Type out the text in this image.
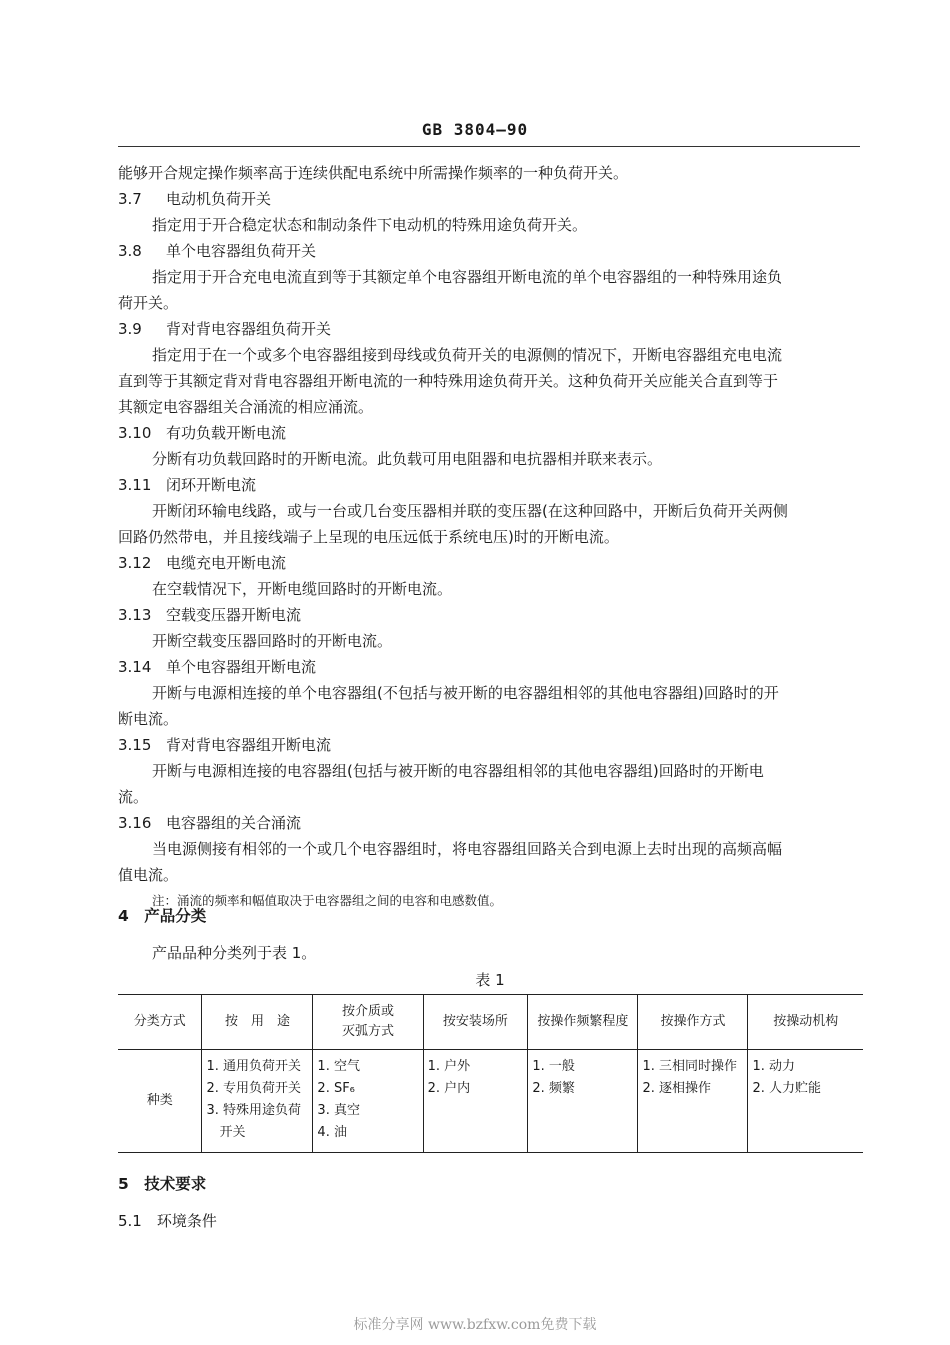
GB 3804—90
能够开合规定操作频率高于连续供配电系统中所需操作频率的一种负荷开关。
3.7 电动机负荷开关
指定用于开合稳定状态和制动条件下电动机的特殊用途负荷开关。
3.8 单个电容器组负荷开关
指定用于开合充电电流直到等于其额定单个电容器组开断电流的单个电容器组的一种特殊用途负
荷开关。
3.9 背对背电容器组负荷开关
指定用于在一个或多个电容器组接到母线或负荷开关的电源侧的情况下，开断电容器组充电电流
直到等于其额定背对背电容器组开断电流的一种特殊用途负荷开关。这种负荷开关应能关合直到等于
其额定电容器组关合涌流的相应涌流。
3.10 有功负载开断电流
分断有功负载回路时的开断电流。此负载可用电阻器和电抗器相并联来表示。
3.11 闭环开断电流
开断闭环输电线路，或与一台或几台变压器相并联的变压器(在这种回路中，开断后负荷开关两侧
回路仍然带电，并且接线端子上呈现的电压远低于系统电压)时的开断电流。
3.12 电缆充电开断电流
在空载情况下，开断电缆回路时的开断电流。
3.13 空载变压器开断电流
开断空载变压器回路时的开断电流。
3.14 单个电容器组开断电流
开断与电源相连接的单个电容器组(不包括与被开断的电容器组相邻的其他电容器组)回路时的开
断电流。
3.15 背对背电容器组开断电流
开断与电源相连接的电容器组(包括与被开断的电容器组相邻的其他电容器组)回路时的开断电
流。
3.16 电容器组的关合涌流
当电源侧接有相邻的一个或几个电容器组时，将电容器组回路关合到电源上去时出现的高频高幅
值电流。
注：涌流的频率和幅值取决于电容器组之间的电容和电感数值。
4　产品分类
产品品种分类列于表 1。
表 1
分类方式	按　用　途	按介质或
灭弧方式	按安装场所	按操作频繁程度	按操作方式	按操动机构
种类	1. 通用负荷开关
2. 专用负荷开关
3. 特殊用途负荷
　开关	1. 空气
2. SF₆
3. 真空
4. 油	1. 户外
2. 户内	1. 一般
2. 频繁	1. 三相同时操作
2. 逐相操作	1. 动力
2. 人力贮能
5　技术要求
5.1　环境条件
标准分享网 www.bzfxw.com免费下载
